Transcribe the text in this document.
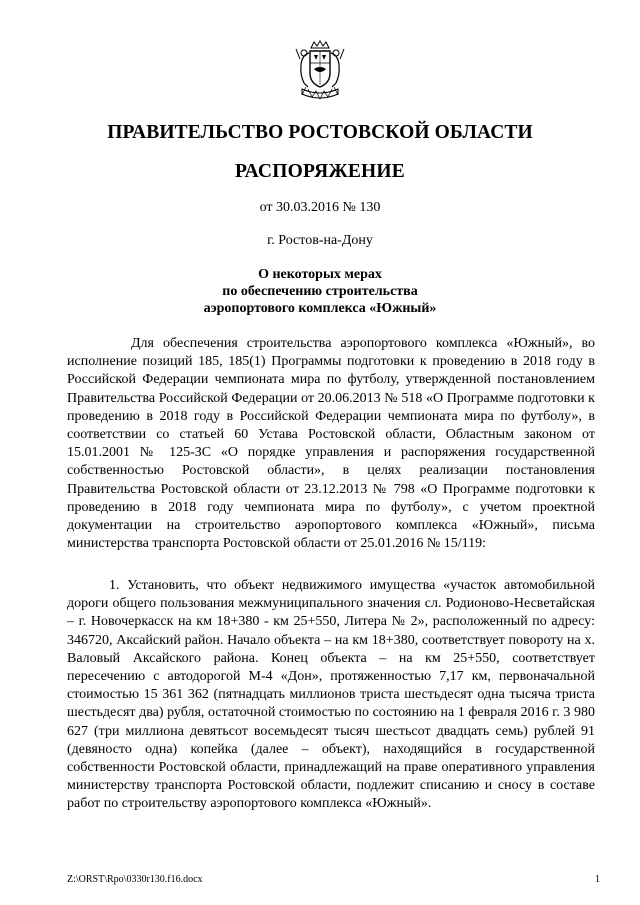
ПРАВИТЕЛЬСТВО РОСТОВСКОЙ ОБЛАСТИ
РАСПОРЯЖЕНИЕ

от 30.03.2016 № 130

г. Ростов-на-Дону

О некоторых мерах
по обеспечению строительства
аэропортового комплекса «Южный»

Для обеспечения строительства аэропортового комплекса «Южный», во исполнение позиций 185, 185(1) Программы подготовки к проведению в 2018 году в Российской Федерации чемпионата мира по футболу, утвержденной постановлением Правительства Российской Федерации от 20.06.2013 № 518 «О Программе подготовки к проведению в 2018 году в Российской Федерации чемпионата мира по футболу», в соответствии со статьей 60 Устава Ростовской области, Областным законом от 15.01.2001 № 125-ЗС «О порядке управления и распоряжения государственной собственностью Ростовской области», в целях реализации постановления Правительства Ростовской области от 23.12.2013 № 798 «О Программе подготовки к проведению в 2018 году чемпионата мира по футболу», с учетом проектной документации на строительство аэропортового комплекса «Южный», письма министерства транспорта Ростовской области от 25.01.2016 № 15/119:

1. Установить, что объект недвижимого имущества «участок автомобильной дороги общего пользования межмуниципального значения сл. Родионово-Несветайская – г. Новочеркасск на км 18+380 - км 25+550, Литера № 2», расположенный по адресу: 346720, Аксайский район. Начало объекта – на км 18+380, соответствует повороту на х. Валовый Аксайского района. Конец объекта – на км 25+550, соответствует пересечению с автодорогой М-4 «Дон», протяженностью 7,17 км, первоначальной стоимостью 15 361 362 (пятнадцать миллионов триста шестьдесят одна тысяча триста шестьдесят два) рубля, остаточной стоимостью по состоянию на 1 февраля 2016 г. 3 980 627 (три миллиона девятьсот восемьдесят тысяч шестьсот двадцать семь) рублей 91 (девяносто одна) копейка (далее – объект), находящийся в государственной собственности Ростовской области, принадлежащий на праве оперативного управления министерству транспорта Ростовской области, подлежит списанию и сносу в составе работ по строительству аэропортового комплекса «Южный».

Z:\ORST\Rpo\0330r130.f16.docx	1
